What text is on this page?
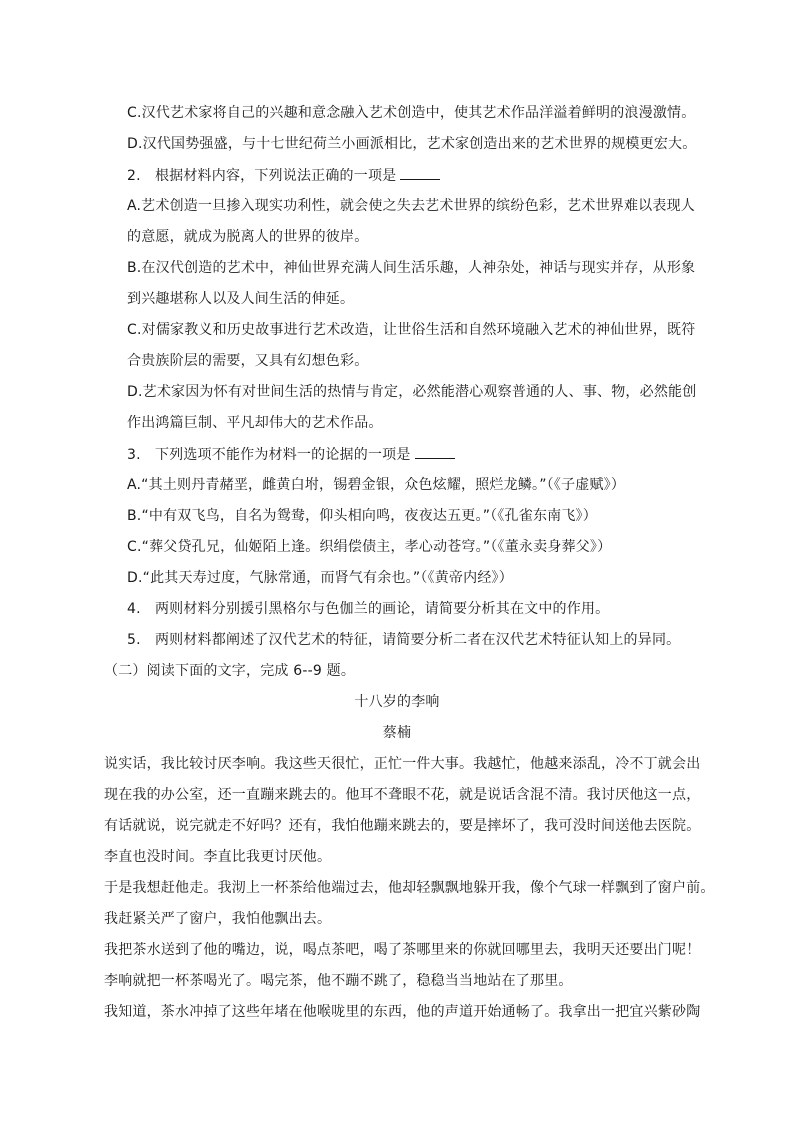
C.汉代艺术家将自己的兴趣和意念融入艺术创造中，使其艺术作品洋溢着鲜明的浪漫激情。
D.汉代国势强盛，与十七世纪荷兰小画派相比，艺术家创造出来的艺术世界的规模更宏大。
2.　根据材料内容，下列说法正确的一项是
A.艺术创造一旦掺入现实功利性，就会使之失去艺术世界的缤纷色彩，艺术世界难以表现人
的意愿，就成为脱离人的世界的彼岸。
B.在汉代创造的艺术中，神仙世界充满人间生活乐趣，人神杂处，神话与现实并存，从形象
到兴趣堪称人以及人间生活的伸延。
C.对儒家教义和历史故事进行艺术改造，让世俗生活和自然环境融入艺术的神仙世界，既符
合贵族阶层的需要，又具有幻想色彩。
D.艺术家因为怀有对世间生活的热情与肯定，必然能潜心观察普通的人、事、物，必然能创
作出鸿篇巨制、平凡却伟大的艺术作品。
3.　下列选项不能作为材料一的论据的一项是
A.“其土则丹青赭垩，雌黄白坿，锡碧金银，众色炫耀，照烂龙鳞。”（《子虚赋》）
B.“中有双飞鸟，自名为鸳鸯，仰头相向鸣，夜夜达五更。”（《孔雀东南飞》）
C.“葬父贷孔兄，仙姬陌上逢。织绢偿债主，孝心动苍穹。”（《董永卖身葬父》）
D.“此其天寿过度，气脉常通，而肾气有余也。”（《黄帝内经》）
4.　两则材料分别援引黑格尔与色伽兰的画论，请简要分析其在文中的作用。
5.　两则材料都阐述了汉代艺术的特征，请简要分析二者在汉代艺术特征认知上的异同。
（二）阅读下面的文字，完成 6--9 题。
十八岁的李响
蔡楠
说实话，我比较讨厌李响。我这些天很忙，正忙一件大事。我越忙，他越来添乱，冷不丁就会出
现在我的办公室，还一直蹦来跳去的。他耳不聋眼不花，就是说话含混不清。我讨厌他这一点，
有话就说，说完就走不好吗？还有，我怕他蹦来跳去的，要是摔坏了，我可没时间送他去医院。
李直也没时间。李直比我更讨厌他。
于是我想赶他走。我沏上一杯茶给他端过去，他却轻飘飘地躲开我，像个气球一样飘到了窗户前。
我赶紧关严了窗户，我怕他飘出去。
我把茶水送到了他的嘴边，说，喝点茶吧，喝了茶哪里来的你就回哪里去，我明天还要出门呢！
李响就把一杯茶喝光了。喝完茶，他不蹦不跳了，稳稳当当地站在了那里。
我知道，茶水冲掉了这些年堵在他喉咙里的东西，他的声道开始通畅了。我拿出一把宜兴紫砂陶
